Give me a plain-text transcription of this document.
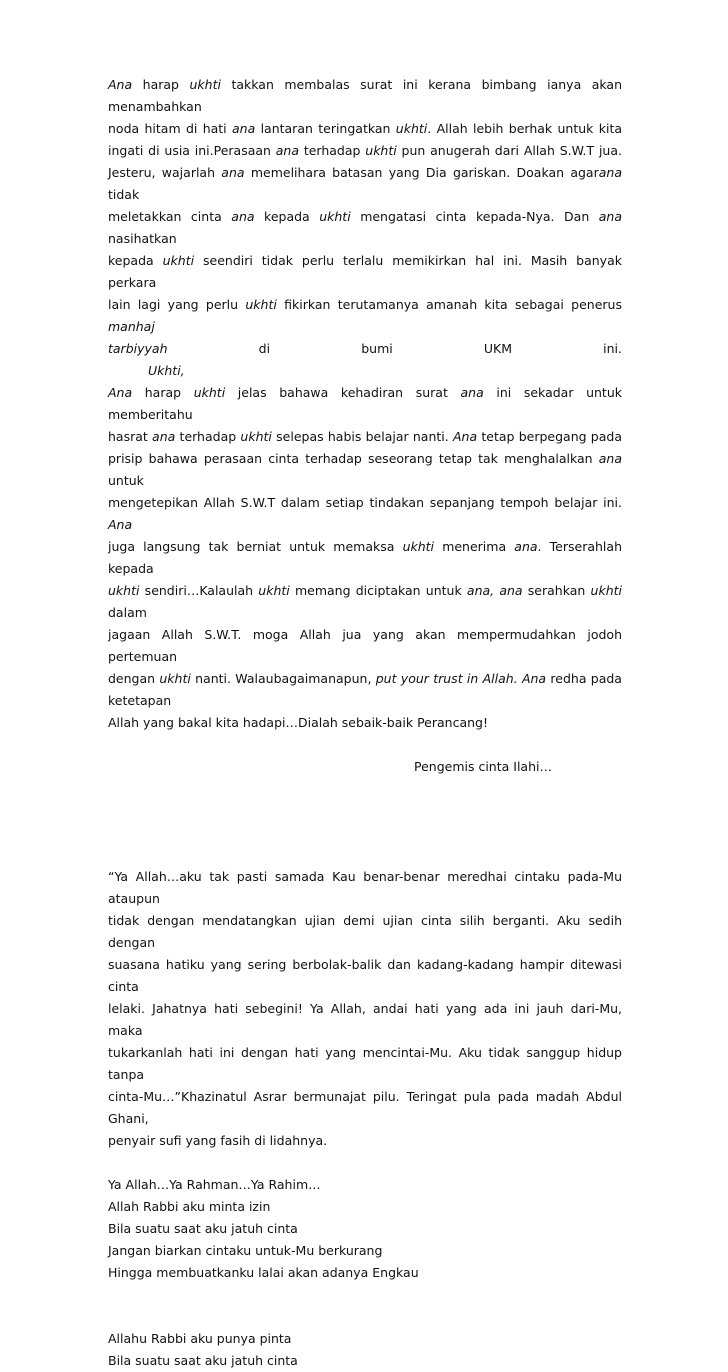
Ana harap ukhti takkan membalas surat ini kerana bimbang ianya akan menambahkan
noda hitam di hati ana lantaran teringatkan ukhti. Allah lebih berhak untuk kita
ingati di usia ini.Perasaan ana terhadap ukhti pun anugerah dari Allah S.W.T jua.
Jesteru, wajarlah ana memelihara batasan yang Dia gariskan. Doakan agarana tidak
meletakkan cinta ana kepada ukhti mengatasi cinta kepada-Nya. Dan ana nasihatkan
kepada ukhti seendiri tidak perlu terlalu memikirkan hal ini. Masih banyak perkara
lain lagi yang perlu ukhti fikirkan terutamanya amanah kita sebagai penerus manhaj
tarbiyyah di bumi UKM ini.
Ukhti,
Ana harap ukhti jelas bahawa kehadiran surat ana ini sekadar untuk memberitahu
hasrat ana terhadap ukhti selepas habis belajar nanti. Ana tetap berpegang pada
prisip bahawa perasaan cinta terhadap seseorang tetap tak menghalalkan ana untuk
mengetepikan Allah S.W.T dalam setiap tindakan sepanjang tempoh belajar ini. Ana
juga langsung tak berniat untuk memaksa ukhti menerima ana. Terserahlah kepada
ukhti sendiri…Kalaulah ukhti memang diciptakan untuk ana, ana serahkan ukhti dalam
jagaan Allah S.W.T. moga Allah jua yang akan mempermudahkan jodoh pertemuan
dengan ukhti nanti. Walaubagaimanapun, put your trust in Allah. Ana redha pada
ketetapan
Allah yang bakal kita hadapi…Dialah sebaik-baik Perancang!
Pengemis cinta Ilahi…
“Ya Allah…aku tak pasti samada Kau benar-benar meredhai cintaku pada-Mu ataupun
tidak dengan mendatangkan ujian demi ujian cinta silih berganti. Aku sedih dengan
suasana hatiku yang sering berbolak-balik dan kadang-kadang hampir ditewasi cinta
lelaki. Jahatnya hati sebegini! Ya Allah, andai hati yang ada ini jauh dari-Mu, maka
tukarkanlah hati ini dengan hati yang mencintai-Mu. Aku tidak sanggup hidup tanpa
cinta-Mu…”Khazinatul Asrar bermunajat pilu. Teringat pula pada madah Abdul Ghani,
penyair sufi yang fasih di lidahnya.
Ya Allah…Ya Rahman…Ya Rahim…
Allah Rabbi aku minta izin
Bila suatu saat aku jatuh cinta
Jangan biarkan cintaku untuk-Mu berkurang
Hingga membuatkanku lalai akan adanya Engkau
Allahu Rabbi aku punya pinta
Bila suatu saat aku jatuh cinta
